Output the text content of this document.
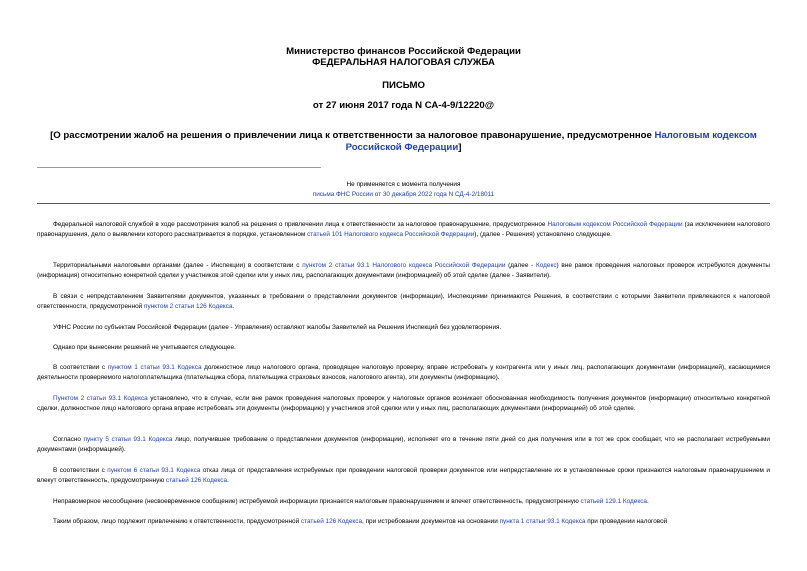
Министерство финансов Российской Федерации
ФЕДЕРАЛЬНАЯ НАЛОГОВАЯ СЛУЖБА
ПИСЬМО
от 27 июня 2017 года N СА-4-9/12220@
[О рассмотрении жалоб на решения о привлечении лица к ответственности за налоговое правонарушение, предусмотренное Налоговым кодексом Российской Федерации]
Не применяется с момента получения
письма ФНС России от 30 декабря 2022 года N СД-4-2/18011

Федеральной налоговой службой в ходе рассмотрения жалоб на решения о привлечении лица к ответственности за налоговое правонарушение, предусмотренное Налоговым кодексом Российской Федерации (за исключением налогового правонарушения, дело о выявлении которого рассматривается в порядке, установленном статьей 101 Налогового кодекса Российской Федерации), (далее - Решения) установлено следующее.

Территориальными налоговыми органами (далее - Инспекции) в соответствии с пунктом 2 статьи 93.1 Налогового кодекса Российской Федерации (далее - Кодекс) вне рамок проведения налоговых проверок истребуются документы (информация) относительно конкретной сделки у участников этой сделки или у иных лиц, располагающих документами (информацией) об этой сделке (далее - Заявители).

В связи с непредставлением Заявителями документов, указанных в требовании о представлении документов (информации), Инспекциями принимаются Решения, в соответствии с которыми Заявители привлекаются к налоговой ответственности, предусмотренной пунктом 2 статьи 126 Кодекса.

УФНС России по субъектам Российской Федерации (далее - Управления) оставляют жалобы Заявителей на Решения Инспекций без удовлетворения.

Однако при вынесении решений не учитывается следующее.

В соответствии с пунктом 1 статьи 93.1 Кодекса должностное лицо налогового органа, проводящее налоговую проверку, вправе истребовать у контрагента или у иных лиц, располагающих документами (информацией), касающимися деятельности проверяемого налогоплательщика (плательщика сбора, плательщика страховых взносов, налогового агента), эти документы (информацию).

Пунктом 2 статьи 93.1 Кодекса установлено, что в случае, если вне рамок проведения налоговых проверок у налоговых органов возникает обоснованная необходимость получения документов (информации) относительно конкретной сделки, должностное лицо налогового органа вправе истребовать эти документы (информацию) у участников этой сделки или у иных лиц, располагающих документами (информацией) об этой сделке.

Согласно пункту 5 статьи 93.1 Кодекса лицо, получившее требование о представлении документов (информации), исполняет его в течение пяти дней со дня получения или в тот же срок сообщает, что не располагает истребуемыми документами (информацией).

В соответствии с пунктом 6 статьи 93.1 Кодекса отказ лица от представления истребуемых при проведении налоговой проверки документов или непредставление их в установленные сроки признаются налоговым правонарушением и влекут ответственность, предусмотренную статьей 126 Кодекса.

Неправомерное несообщение (несвоевременное сообщение) истребуемой информации признается налоговым правонарушением и влечет ответственность, предусмотренную статьей 129.1 Кодекса.

Таким образом, лицо подлежит привлечению к ответственности, предусмотренной статьей 126 Кодекса, при истребовании документов на основании пункта 1 статьи 93.1 Кодекса при проведении налоговой
